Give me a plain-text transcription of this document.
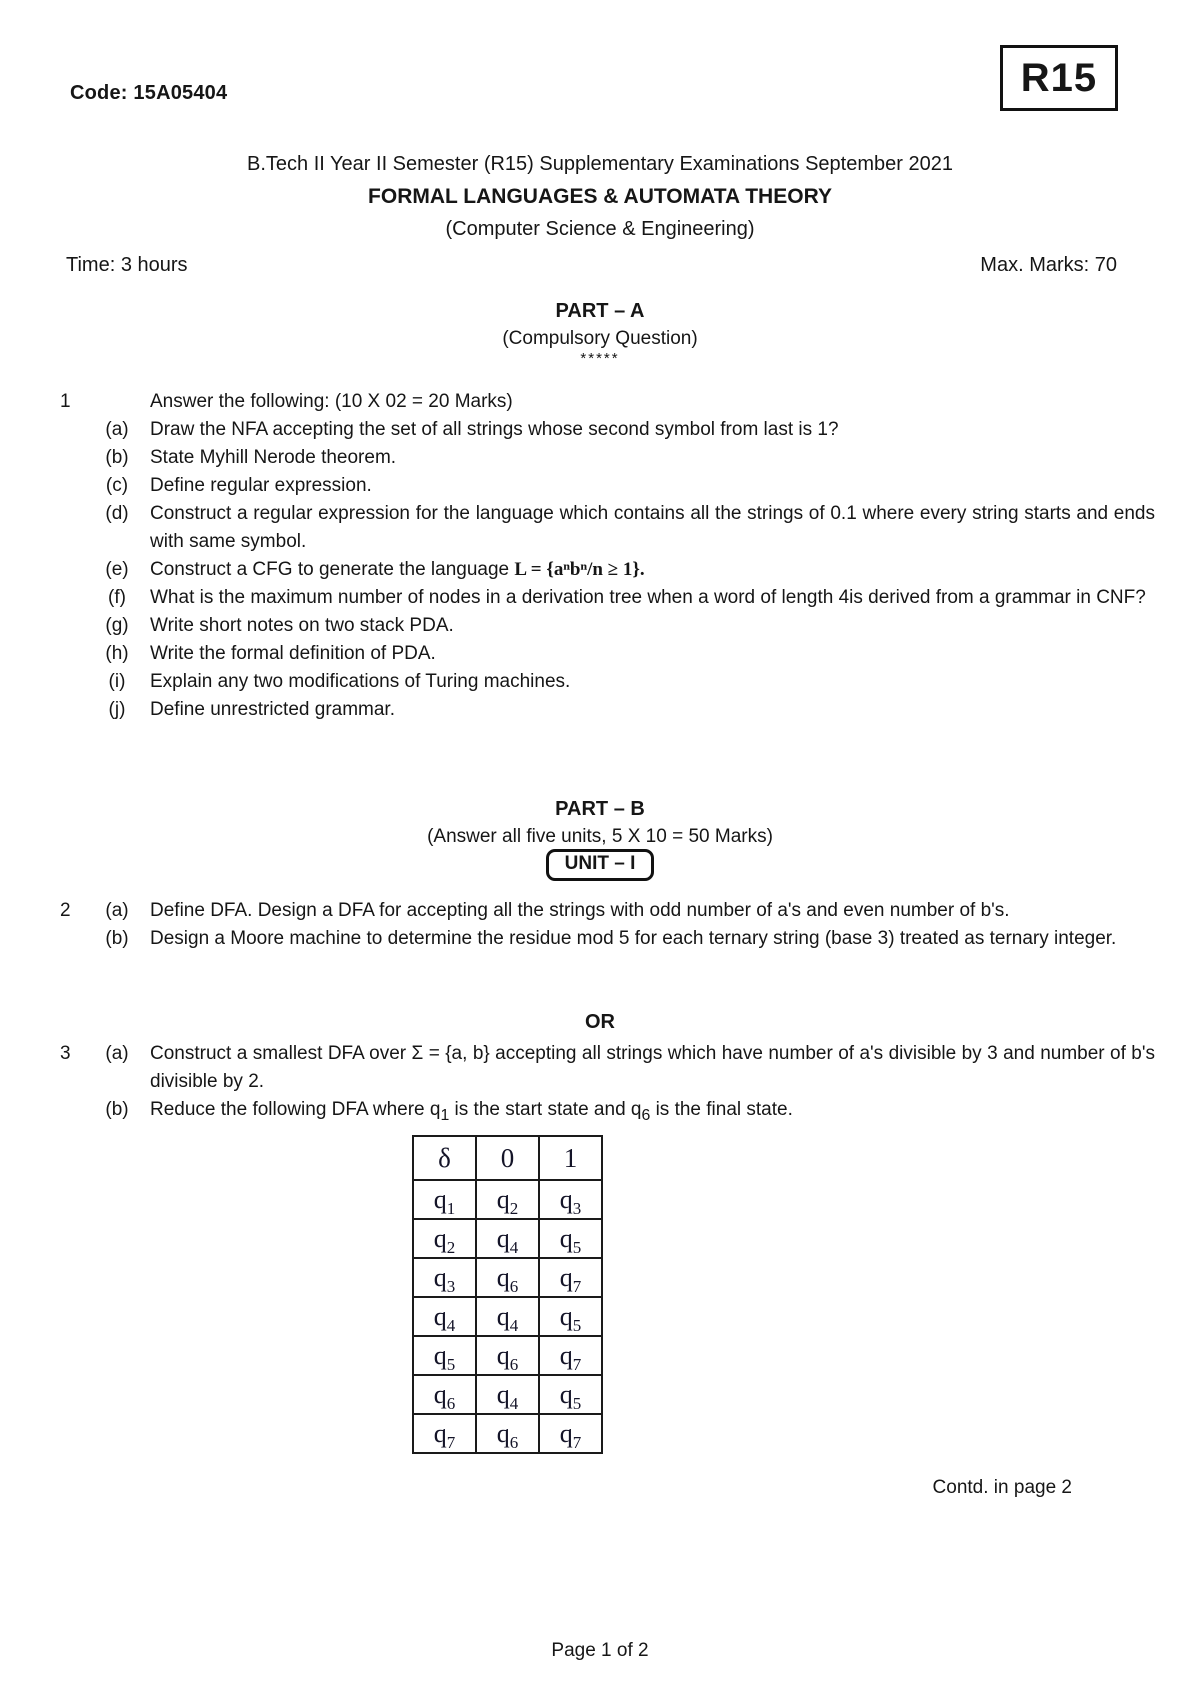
Code: 15A05404	R15
B.Tech II Year II Semester (R15) Supplementary Examinations September 2021
FORMAL LANGUAGES & AUTOMATA THEORY
(Computer Science & Engineering)
Time: 3 hours	Max. Marks: 70
PART – A
(Compulsory Question)
*****
1	Answer the following: (10 X 02 = 20 Marks)
(a)	Draw the NFA accepting the set of all strings whose second symbol from last is 1?
(b)	State Myhill Nerode theorem.
(c)	Define regular expression.
(d)	Construct a regular expression for the language which contains all the strings of 0.1 where every string starts and ends with same symbol.
(e)	Construct a CFG to generate the language L = {aⁿbⁿ/n ≥ 1}.
(f)	What is the maximum number of nodes in a derivation tree when a word of length 4is derived from a grammar in CNF?
(g)	Write short notes on two stack PDA.
(h)	Write the formal definition of PDA.
(i)	Explain any two modifications of Turing machines.
(j)	Define unrestricted grammar.
PART – B
(Answer all five units, 5 X 10 = 50 Marks)
UNIT – I
2	(a)	Define DFA. Design a DFA for accepting all the strings with odd number of a's and even number of b's.
(b)	Design a Moore machine to determine the residue mod 5 for each ternary string (base 3) treated as ternary integer.
OR
3	(a)	Construct a smallest DFA over Σ = {a, b} accepting all strings which have number of a's divisible by 3 and number of b's divisible by 2.
(b)	Reduce the following DFA where $q_1$ is the start state and $q_6$ is the final state.
δ	0	1
$q_1$	$q_2$	$q_3$
$q_2$	$q_4$	$q_5$
$q_3$	$q_6$	$q_7$
$q_4$	$q_4$	$q_5$
$q_5$	$q_6$	$q_7$
$q_6$	$q_4$	$q_5$
$q_7$	$q_6$	$q_7$
Contd. in page 2
Page 1 of 2
